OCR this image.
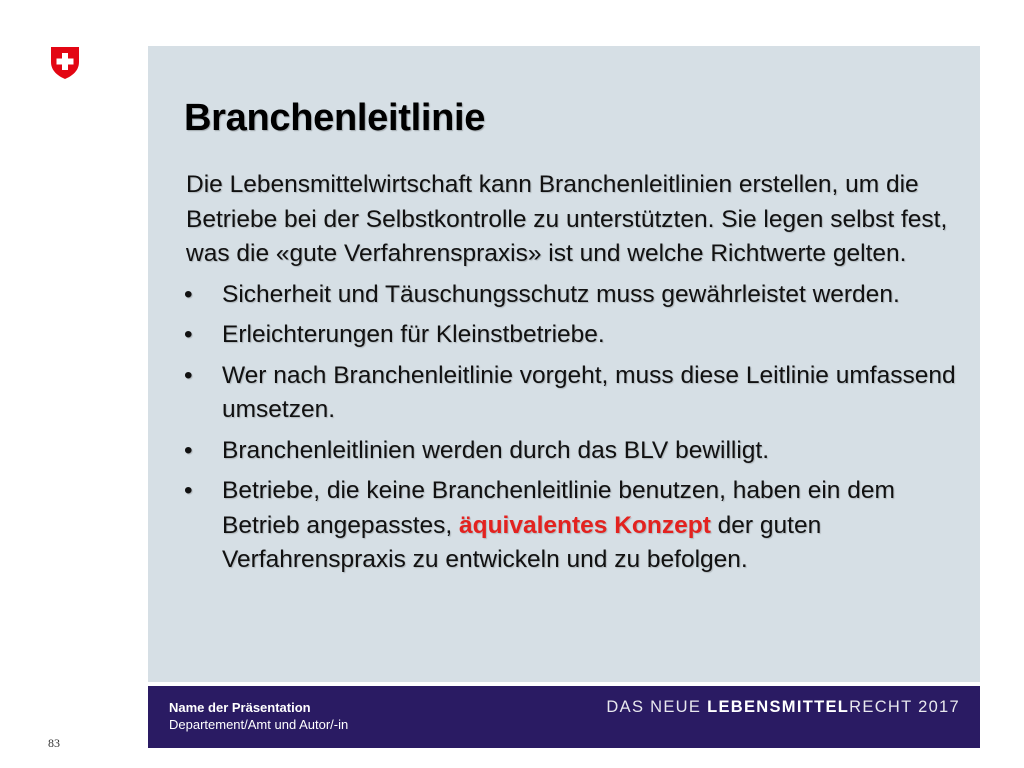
Branchenleitlinie

Die Lebensmittelwirtschaft kann Branchenleitlinien erstellen, um die Betriebe bei der Selbstkontrolle zu unterstützten. Sie legen selbst fest, was die «gute Verfahrenspraxis» ist und welche Richtwerte gelten.

• Sicherheit und Täuschungsschutz muss gewährleistet werden.
• Erleichterungen für Kleinstbetriebe.
• Wer nach Branchenleitlinie vorgeht, muss diese Leitlinie umfassend umsetzen.
• Branchenleitlinien werden durch das BLV bewilligt.
• Betriebe, die keine Branchenleitlinie benutzen, haben ein dem Betrieb angepasstes, äquivalentes Konzept der guten Verfahrenspraxis zu entwickeln und zu befolgen.
Name der Präsentation
Departement/Amt und Autor/-in
DAS NEUE LEBENSMITTELRECHT 2017
83
